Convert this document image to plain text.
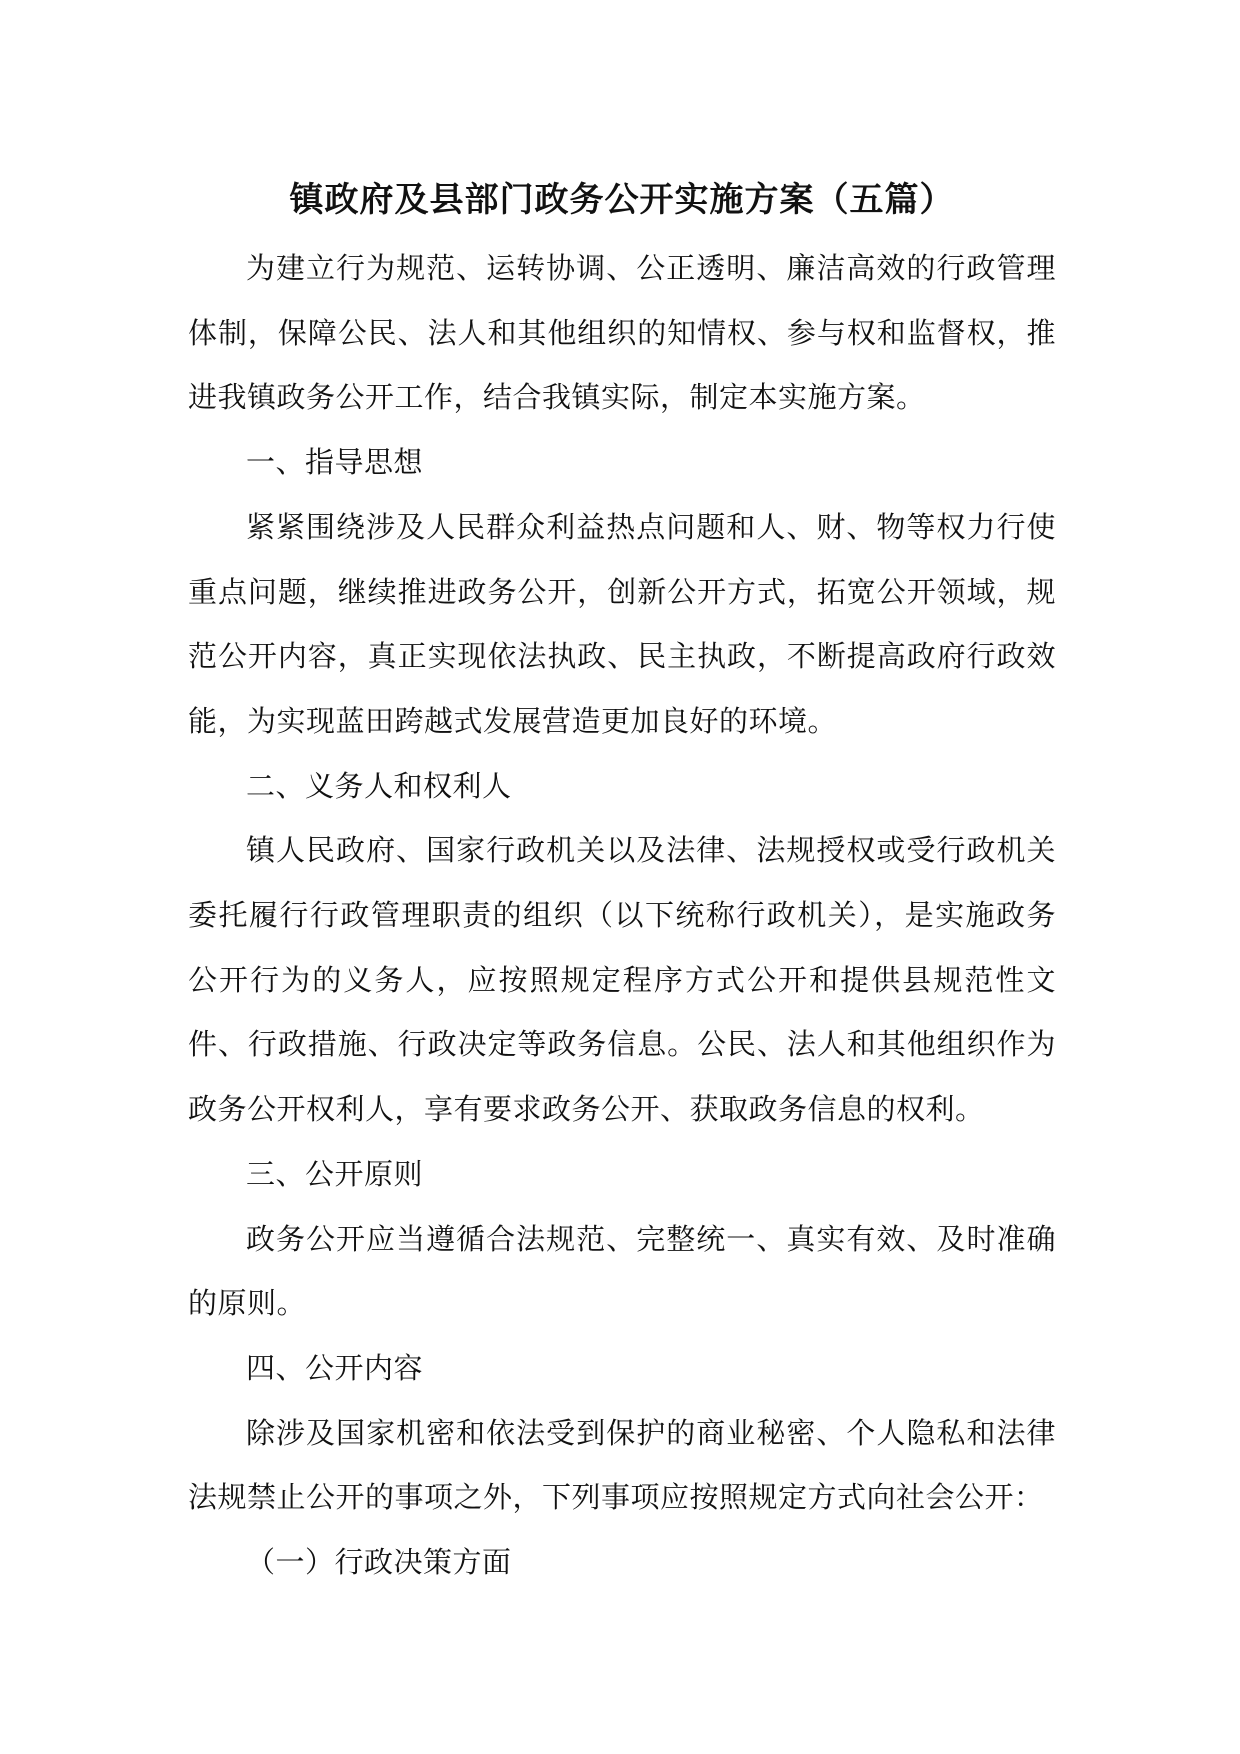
镇政府及县部门政务公开实施方案（五篇）

为建立行为规范、运转协调、公正透明、廉洁高效的行政管理体制，保障公民、法人和其他组织的知情权、参与权和监督权，推进我镇政务公开工作，结合我镇实际，制定本实施方案。

一、指导思想

紧紧围绕涉及人民群众利益热点问题和人、财、物等权力行使重点问题，继续推进政务公开，创新公开方式，拓宽公开领域，规范公开内容，真正实现依法执政、民主执政，不断提高政府行政效能，为实现蓝田跨越式发展营造更加良好的环境。

二、义务人和权利人

镇人民政府、国家行政机关以及法律、法规授权或受行政机关委托履行行政管理职责的组织（以下统称行政机关），是实施政务公开行为的义务人，应按照规定程序方式公开和提供县规范性文件、行政措施、行政决定等政务信息。公民、法人和其他组织作为政务公开权利人，享有要求政务公开、获取政务信息的权利。

三、公开原则

政务公开应当遵循合法规范、完整统一、真实有效、及时准确的原则。

四、公开内容

除涉及国家机密和依法受到保护的商业秘密、个人隐私和法律法规禁止公开的事项之外，下列事项应按照规定方式向社会公开：

（一）行政决策方面
